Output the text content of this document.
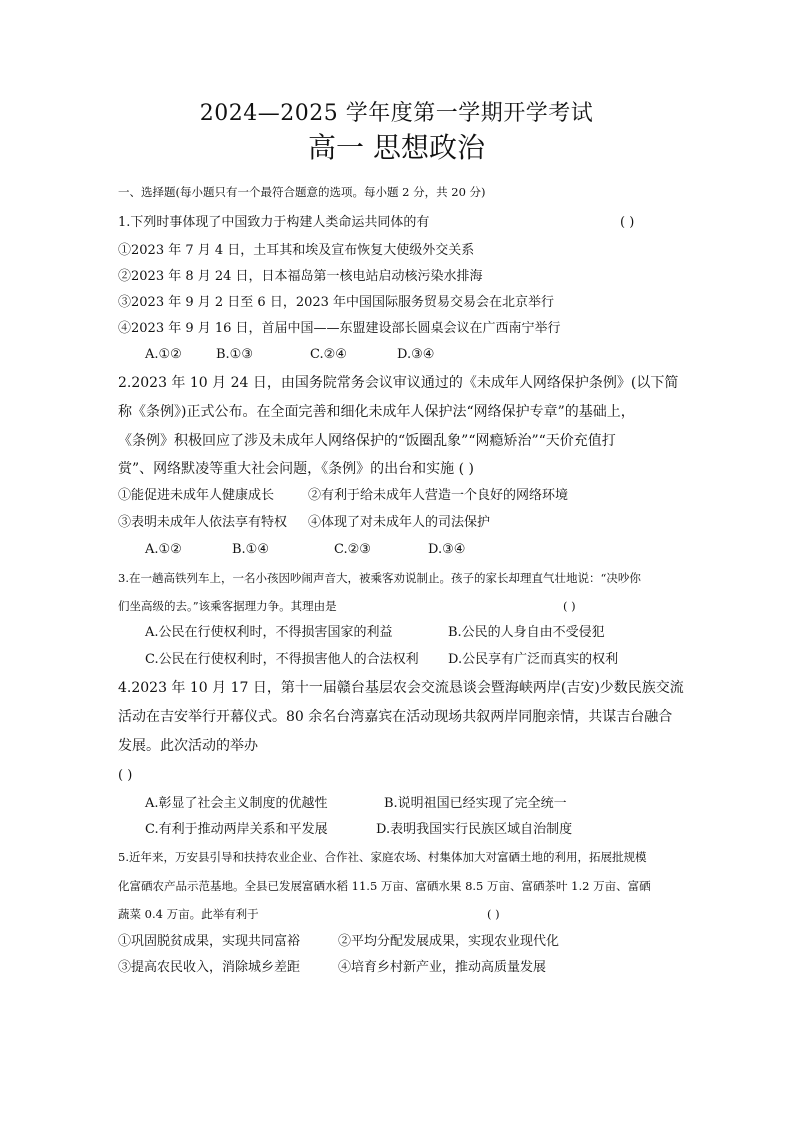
2024—2025 学年度第一学期开学考试
高一 思想政治
一、选择题(每小题只有一个最符合题意的选项。每小题 2 分，共 20 分)
1.下列时事体现了中国致力于构建人类命运共同体的有	( )
①2023 年 7 月 4 日，土耳其和埃及宣布恢复大使级外交关系
②2023 年 8 月 24 日，日本福岛第一核电站启动核污染水排海
③2023 年 9 月 2 日至 6 日，2023 年中国国际服务贸易交易会在北京举行
④2023 年 9 月 16 日，首届中国——东盟建设部长圆桌会议在广西南宁举行
A.①②	B.①③	C.②④	D.③④
2.2023 年 10 月 24 日，由国务院常务会议审议通过的《未成年人网络保护条例》(以下简
称《条例》)正式公布。在全面完善和细化未成年人保护法“网络保护专章”的基础上，
《条例》积极回应了涉及未成年人网络保护的“饭圈乱象”“网瘾矫治”“天价充值打
赏”、网络默凌等重大社会问题，《条例》的出台和实施 ( )
①能促进未成年人健康成长	②有利于给未成年人营造一个良好的网络环境
③表明未成年人依法享有特权 ④体现了对未成年人的司法保护
A.①②	B.①④	C.②③	D.③④
3.在一趟高铁列车上，一名小孩因吵闹声音大，被乘客劝说制止。孩子的家长却理直气壮地说：“决吵你
们坐高级的去。”该乘客据理力争。其理由是	( )
A.公民在行使权利时，不得损害国家的利益	B.公民的人身自由不受侵犯
C.公民在行使权利时，不得损害他人的合法权利 D.公民享有广泛而真实的权利
4.2023 年 10 月 17 日，第十一届赣台基层农会交流恳谈会暨海峡两岸(吉安)少数民族交流
活动在吉安举行开幕仪式。80 余名台湾嘉宾在活动现场共叙两岸同胞亲情，共谋吉台融合
发展。此次活动的举办
( )
A.彰显了社会主义制度的优越性	B.说明祖国已经实现了完全统一
C.有利于推动两岸关系和平发展	D.表明我国实行民族区域自治制度
5.近年来，万安县引导和扶持农业企业、合作社、家庭农场、村集体加大对富硒土地的利用，拓展批规模
化富硒农产品示范基地。全县已发展富硒水稻 11.5 万亩、富硒水果 8.5 万亩、富硒茶叶 1.2 万亩、富硒
蔬菜 0.4 万亩。此举有利于	( )
①巩固脱贫成果，实现共同富裕	②平均分配发展成果，实现农业现代化
③提高农民收入，消除城乡差距	④培育乡村新产业，推动高质量发展
